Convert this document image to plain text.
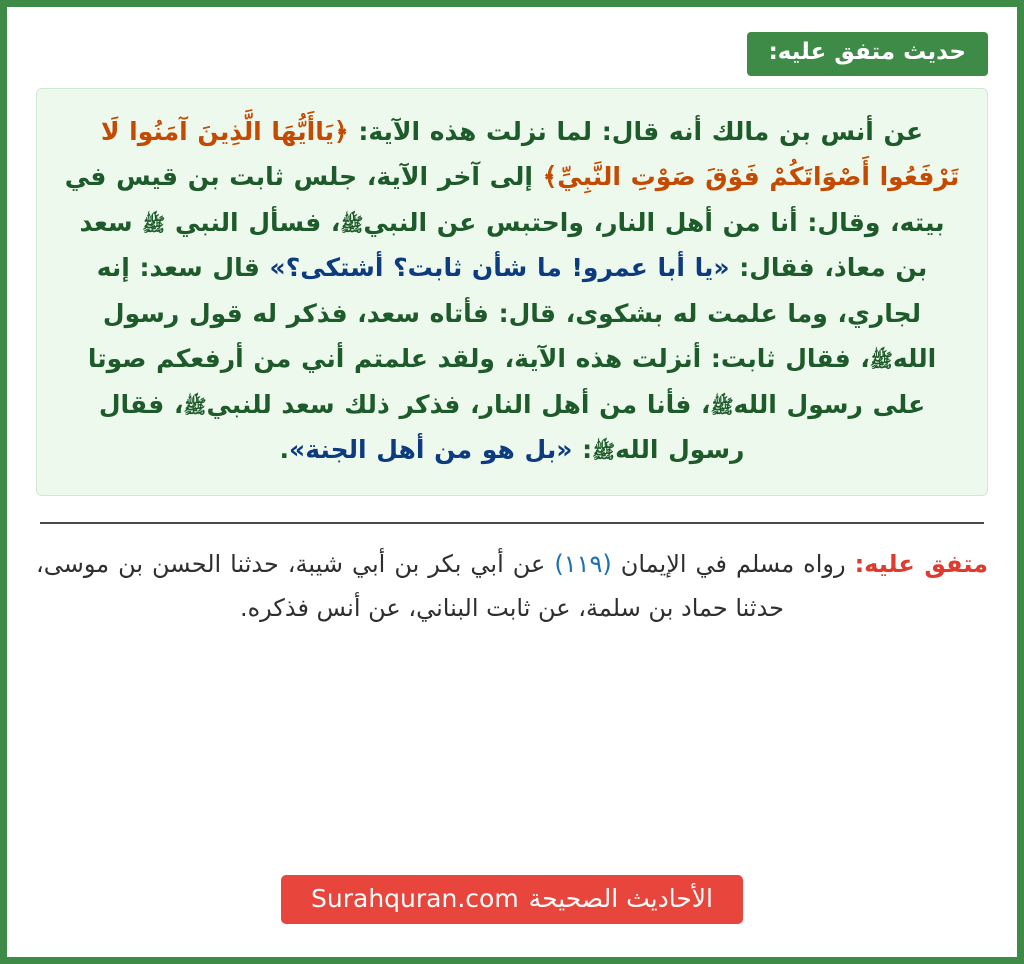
حديث متفق عليه:
عن أنس بن مالك أنه قال: لما نزلت هذه الآية: ﴿يَاأَيُّهَا الَّذِينَ آمَنُوا لَا تَرْفَعُوا أَصْوَاتَكُمْ فَوْقَ صَوْتِ النَّبِيِّ﴾ إلى آخر الآية، جلس ثابت بن قيس في بيته، وقال: أنا من أهل النار، واحتبس عن النبيﷺ، فسأل النبي ﷺ سعد بن معاذ، فقال: «يا أبا عمرو! ما شأن ثابت؟ أشتكى؟» قال سعد: إنه لجاري، وما علمت له بشكوى، قال: فأتاه سعد، فذكر له قول رسول اللهﷺ، فقال ثابت: أنزلت هذه الآية، ولقد علمتم أني من أرفعكم صوتا على رسول اللهﷺ، فأنا من أهل النار، فذكر ذلك سعد للنبيﷺ، فقال رسول اللهﷺ: «بل هو من أهل الجنة».
متفق عليه: رواه مسلم في الإيمان (١١٩) عن أبي بكر بن أبي شيبة، حدثنا الحسن بن موسى، حدثنا حماد بن سلمة، عن ثابت البناني، عن أنس فذكره.
الأحاديث الصحيحة
Surahquran.com
